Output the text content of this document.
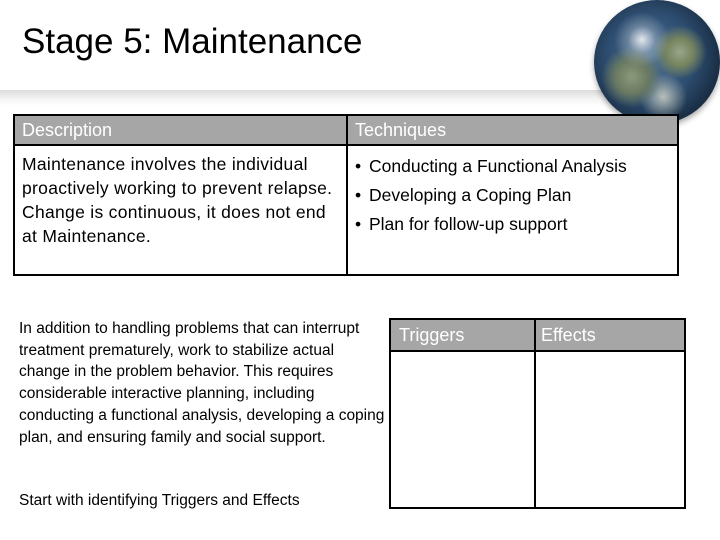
Stage 5: Maintenance
Description	Techniques
Maintenance involves the individual proactively working to prevent relapse. Change is continuous, it does not end at Maintenance.
• Conducting a Functional Analysis
• Developing a Coping Plan
• Plan for follow-up support
In addition to handling problems that can interrupt treatment prematurely, work to stabilize actual change in the problem behavior. This requires considerable interactive planning, including conducting a functional analysis, developing a coping plan, and ensuring family and social support.
Start with identifying Triggers and Effects
Triggers	Effects
